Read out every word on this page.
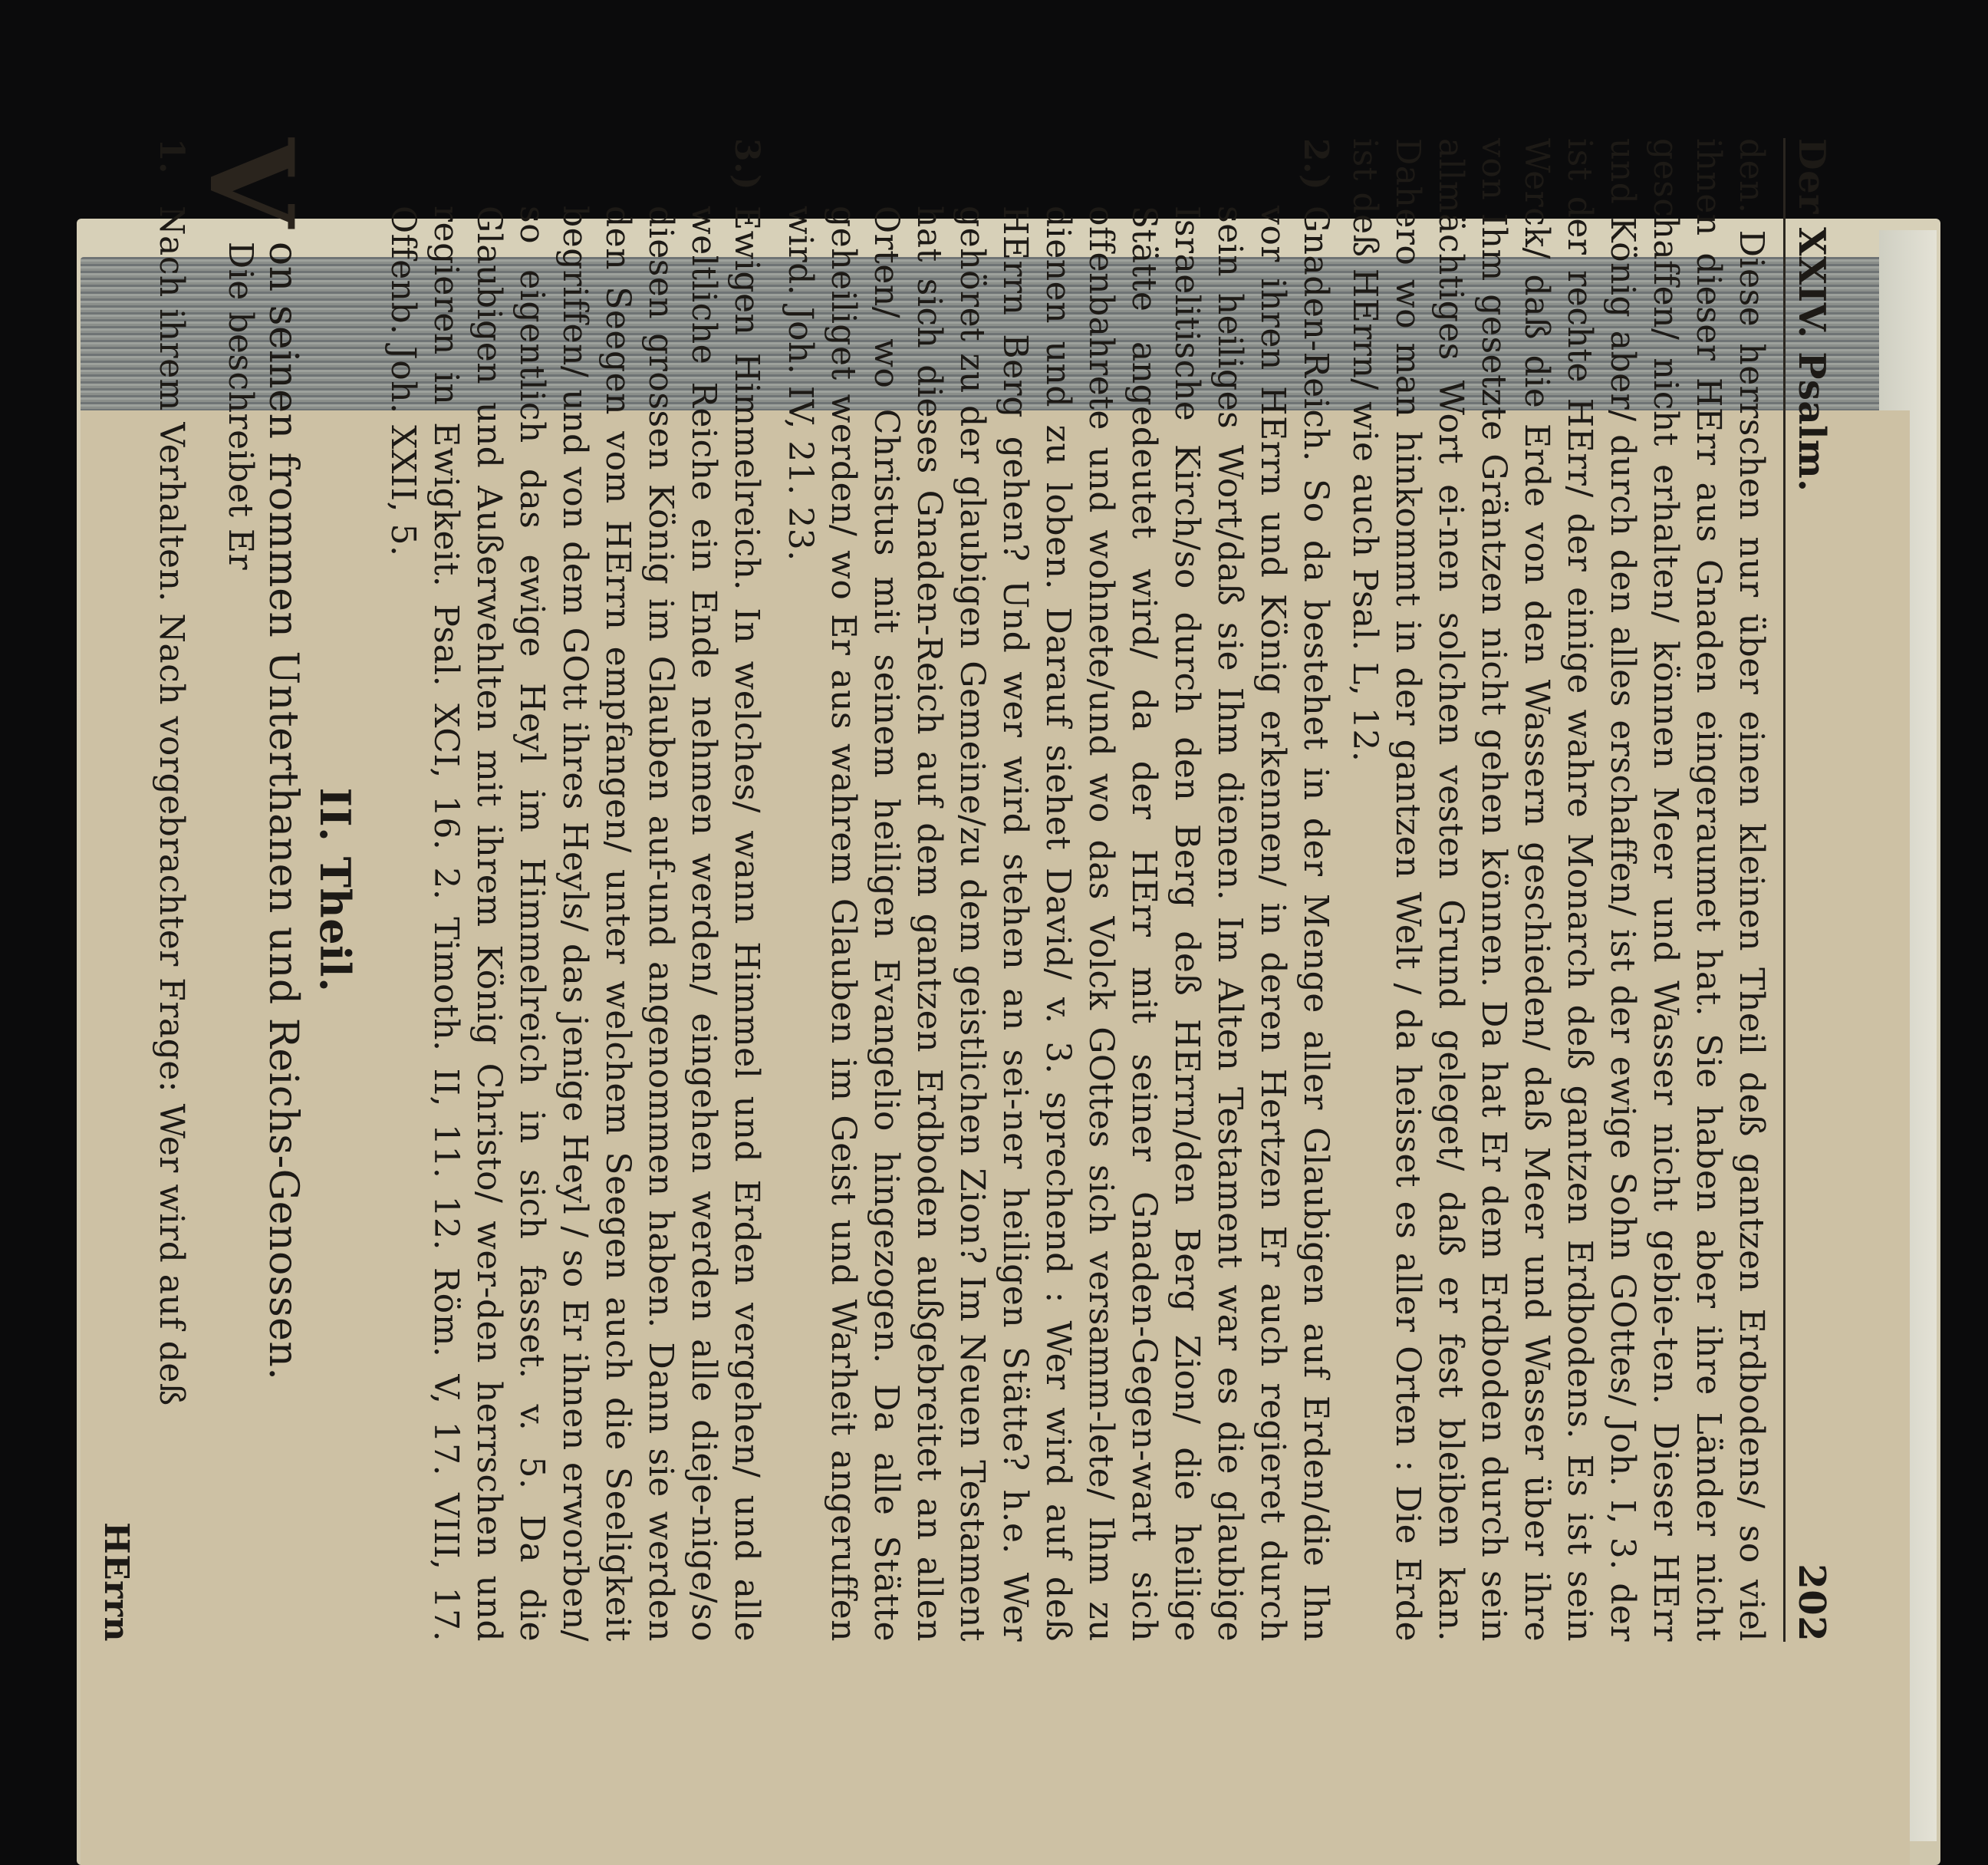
Der XXIV. Psalm.
202

den. Diese herrschen nur über einen kleinen Theil deß gantzen Erdbodens/ so viel ihnen dieser HErr aus Gnaden eingeraumet hat. Sie haben aber ihre Länder nicht geschaffen/ nicht erhalten/ können Meer und Wasser nicht gebie-ten. Dieser HErr und König aber/ durch den alles erschaffen/ ist der ewige Sohn GOttes/ Joh. I, 3. der ist der rechte HErr/ der einige wahre Monarch deß gantzen Erdbodens. Es ist sein Werck/ daß die Erde von den Wassern geschieden/ daß Meer und Wasser über ihre von Ihm gesetzte Gräntzen nicht gehen können. Da hat Er dem Erdboden durch sein allmächtiges Wort ei-nen solchen vesten Grund geleget/ daß er fest bleiben kan. Dahero wo man hinkommt in der gantzen Welt / da heisset es aller Orten : Die Erde ist deß HErrn/ wie auch Psal. L, 12.

2.)

Gnaden-Reich. So da bestehet in der Menge aller Glaubigen auf Erden/die Ihn vor ihren HErrn und König erkennen/ in deren Hertzen Er auch regieret durch sein heiliges Wort/daß sie Ihm dienen. Im Alten Testament war es die glaubige Israelitische Kirch/so durch den Berg deß HErrn/den Berg Zion/ die heilige Stätte angedeutet wird/ da der HErr mit seiner Gnaden-Gegen-wart sich offenbahrete und wohnete/und wo das Volck GOttes sich versamm-lete/ Ihm zu dienen und zu loben. Darauf siehet David/ v. 3. sprechend : Wer wird auf deß HErrn Berg gehen? Und wer wird stehen an sei-ner heiligen Stätte? h.e. Wer gehöret zu der glaubigen Gemeine/zu dem geistlichen Zion? Im Neuen Testament hat sich dieses Gnaden-Reich auf dem gantzen Erdboden außgebreitet an allen Orten/ wo Christus mit seinem heiligen Evangelio hingezogen. Da alle Stätte geheiliget werden/ wo Er aus wahrem Glauben im Geist und Warheit angeruffen wird. Joh. IV, 21. 23.

3.)

Ewigen Himmelreich. In welches/ wann Himmel und Erden vergehen/ und alle weltliche Reiche ein Ende nehmen werden/ eingehen werden alle dieje-nige/so diesen grossen König im Glauben auf-und angenommen haben. Dann sie werden den Seegen vom HErrn empfangen/ unter welchem Seegen auch die Seeligkeit begriffen/ und von dem GOtt ihres Heyls/ das jenige Heyl / so Er ihnen erworben/ so eigentlich das ewige Heyl im Himmelreich in sich fasset. v. 5. Da die Glaubigen und Außerwehlten mit ihrem König Christo/ wer-den herrschen und regieren in Ewigkeit. Psal. XCI, 16. 2. Timoth. II, 11. 12. Röm. V, 17. VIII, 17. Offenb. Joh. XXII, 5.

II. Theil.
V
on seinen frommen Unterthanen und Reichs-Genossen.
Die beschreibet Er
1.

Nach ihrem Verhalten. Nach vorgebrachter Frage: Wer wird auf deß

HErrn
